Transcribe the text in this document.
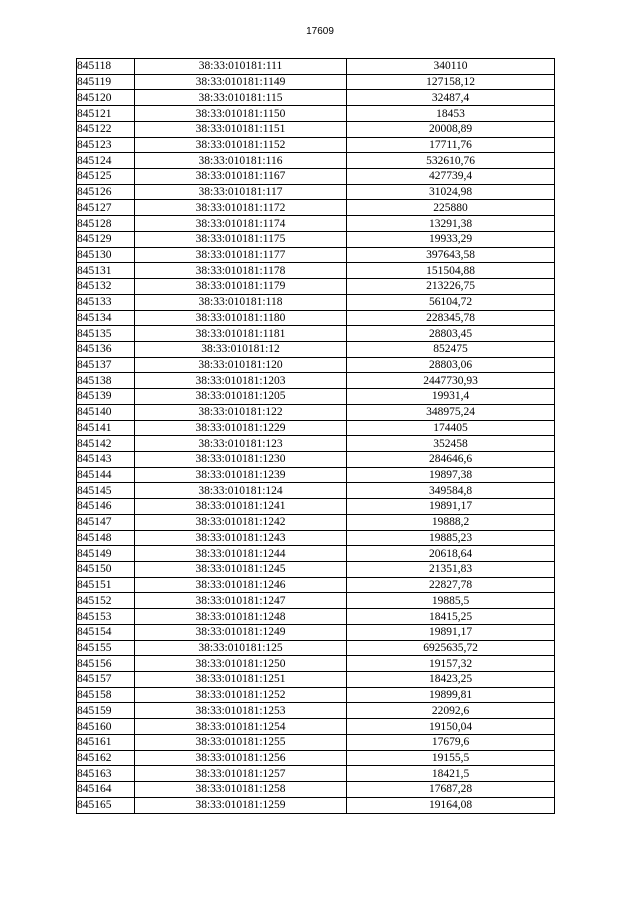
17609
845118	38:33:010181:111	340110
845119	38:33:010181:1149	127158,12
845120	38:33:010181:115	32487,4
845121	38:33:010181:1150	18453
845122	38:33:010181:1151	20008,89
845123	38:33:010181:1152	17711,76
845124	38:33:010181:116	532610,76
845125	38:33:010181:1167	427739,4
845126	38:33:010181:117	31024,98
845127	38:33:010181:1172	225880
845128	38:33:010181:1174	13291,38
845129	38:33:010181:1175	19933,29
845130	38:33:010181:1177	397643,58
845131	38:33:010181:1178	151504,88
845132	38:33:010181:1179	213226,75
845133	38:33:010181:118	56104,72
845134	38:33:010181:1180	228345,78
845135	38:33:010181:1181	28803,45
845136	38:33:010181:12	852475
845137	38:33:010181:120	28803,06
845138	38:33:010181:1203	2447730,93
845139	38:33:010181:1205	19931,4
845140	38:33:010181:122	348975,24
845141	38:33:010181:1229	174405
845142	38:33:010181:123	352458
845143	38:33:010181:1230	284646,6
845144	38:33:010181:1239	19897,38
845145	38:33:010181:124	349584,8
845146	38:33:010181:1241	19891,17
845147	38:33:010181:1242	19888,2
845148	38:33:010181:1243	19885,23
845149	38:33:010181:1244	20618,64
845150	38:33:010181:1245	21351,83
845151	38:33:010181:1246	22827,78
845152	38:33:010181:1247	19885,5
845153	38:33:010181:1248	18415,25
845154	38:33:010181:1249	19891,17
845155	38:33:010181:125	6925635,72
845156	38:33:010181:1250	19157,32
845157	38:33:010181:1251	18423,25
845158	38:33:010181:1252	19899,81
845159	38:33:010181:1253	22092,6
845160	38:33:010181:1254	19150,04
845161	38:33:010181:1255	17679,6
845162	38:33:010181:1256	19155,5
845163	38:33:010181:1257	18421,5
845164	38:33:010181:1258	17687,28
845165	38:33:010181:1259	19164,08
